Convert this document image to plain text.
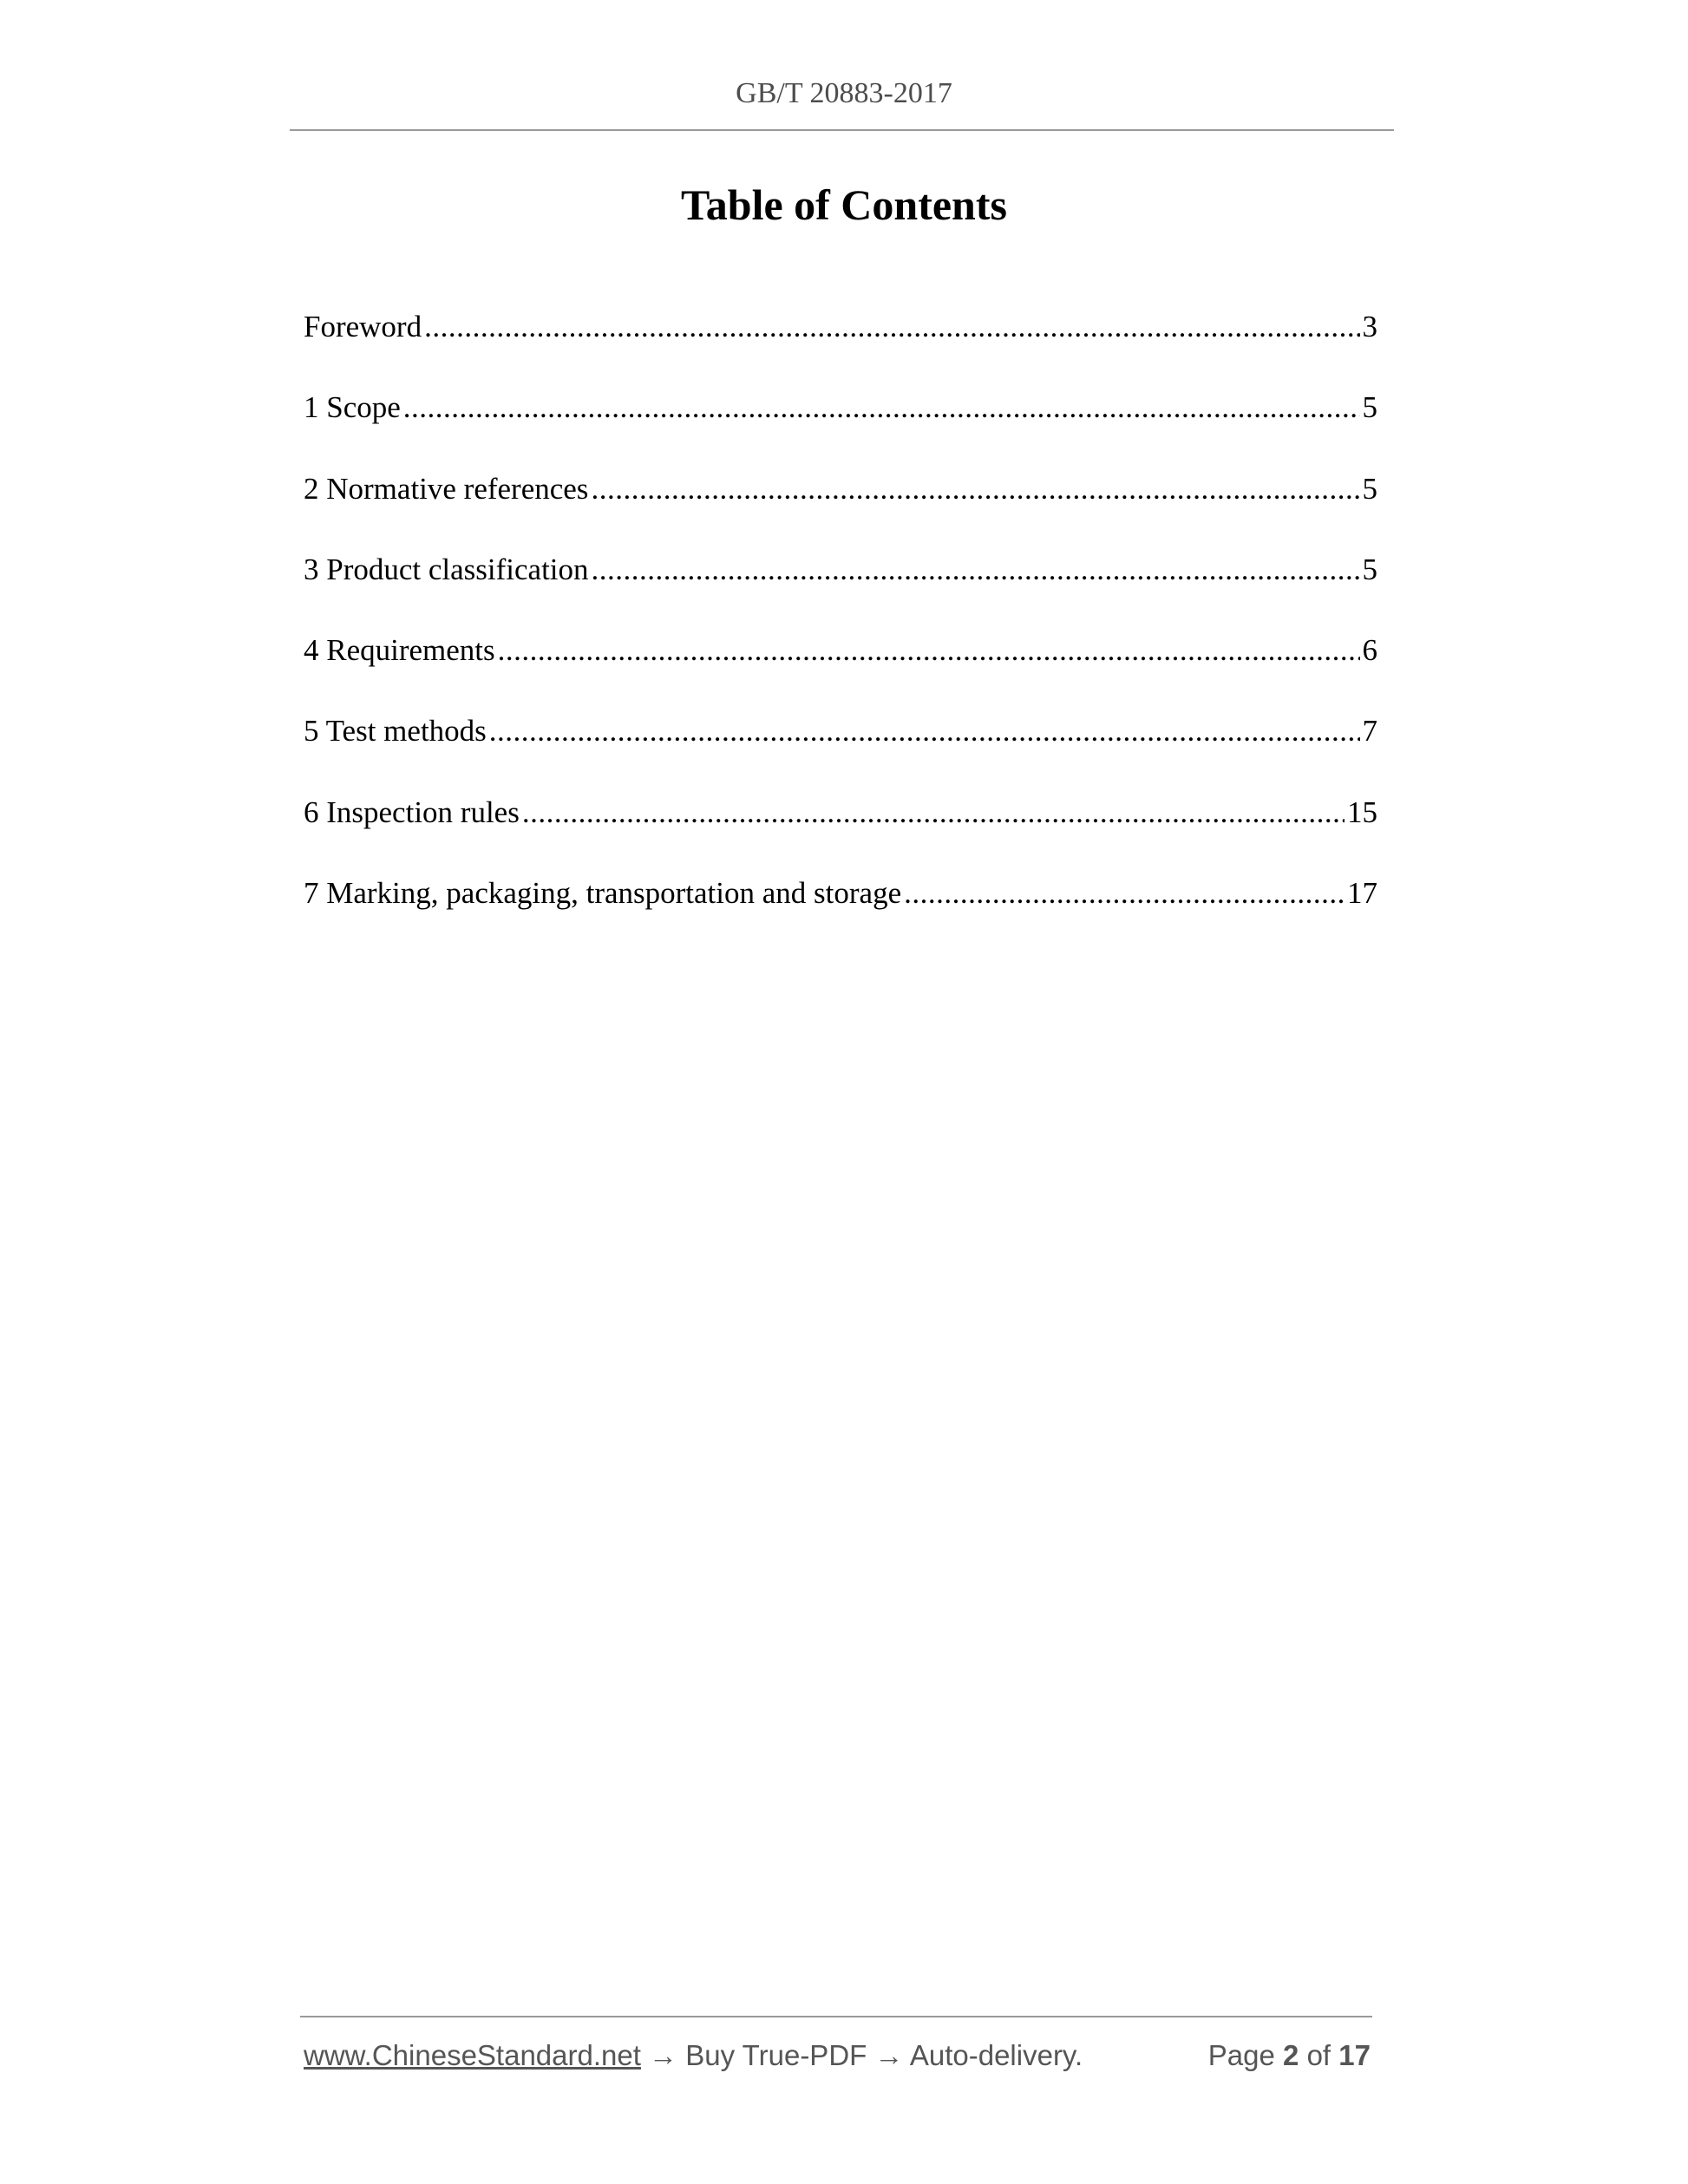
GB/T 20883-2017
Table of Contents
Foreword .....	3
1 Scope .....	5
2 Normative references .....	5
3 Product classification .....	5
4 Requirements .....	6
5 Test methods .....	7
6 Inspection rules .....	15
7 Marking, packaging, transportation and storage .....	17
www.ChineseStandard.net → Buy True-PDF → Auto-delivery.	Page 2 of 17
